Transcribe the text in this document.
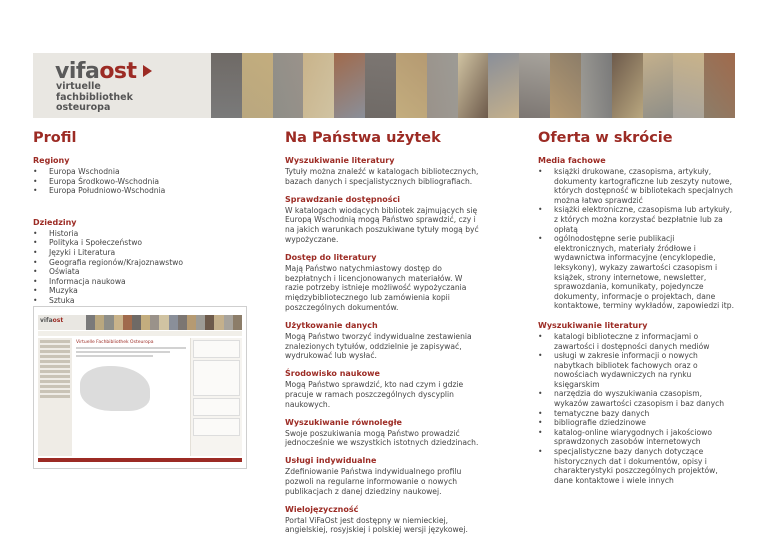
vifaost
virtuelle
fachbibliothek
osteuropa
Profil
Regiony
• Europa Wschodnia
• Europa Środkowo-Wschodnia
• Europa Południowo-Wschodnia
Dziedziny
• Historia
• Polityka i Społeczeństwo
• Języki i Literatura
• Geografia regionów/Krajoznawstwo
• Oświata
• Informacja naukowa
• Muzyka
• Sztuka
vifaost
Virtuelle Fachbibliothek Osteuropa
Na Państwa użytek
Wyszukiwanie literatury

Tytuły można znaleźć w katalogach bibliotecznych, bazach danych i specjalistycznych bibliografiach.

Sprawdzanie dostępności

W katalogach wiodących bibliotek zajmujących się Europą Wschodnią mogą Państwo sprawdzić, czy i na jakich warunkach poszukiwane tytuły mogą być wypożyczane.

Dostęp do literatury

Mają Państwo natychmiastowy dostęp do bezpłatnych i licencjonowanych materiałów. W razie potrzeby istnieje możliwość wypożyczania międzybibliotecznego lub zamówienia kopii poszczególnych dokumentów.

Użytkowanie danych

Mogą Państwo tworzyć indywidualne zestawienia znalezionych tytułów, oddzielnie je zapisywać, wydrukować lub wysłać.

Środowisko naukowe

Mogą Państwo sprawdzić, kto nad czym i gdzie pracuje w ramach poszczególnych dyscyplin naukowych.

Wyszukiwanie równoległe

Swoje poszukiwania mogą Państwo prowadzić jednocześnie we wszystkich istotnych dziedzinach.

Usługi indywidualne

Zdefiniowanie Państwa indywidualnego profilu pozwoli na regularne informowanie o nowych publikacjach z danej dziedziny naukowej.

Wielojęzyczność

Portal ViFaOst jest dostępny w niemieckiej, angielskiej, rosyjskiej i polskiej wersji językowej.

Oferta w skrócie
Media fachowe
• książki drukowane, czasopisma, artykuły, dokumenty kartograficzne lub zeszyty nutowe, których dostępność w bibliotekach specjalnych można łatwo sprawdzić
• książki elektroniczne, czasopisma lub artykuły, z których można korzystać bezpłatnie lub za opłatą
• ogólnodostępne serie publikacji elektronicznych, materiały źródłowe i wydawnictwa informacyjne (encyklopedie, leksykony), wykazy zawartości czasopism i książek, strony internetowe, newsletter, sprawozdania, komunikaty, pojedyncze dokumenty, informacje o projektach, dane kontaktowe, terminy wykładów, zapowiedzi itp.
Wyszukiwanie literatury
• katalogi biblioteczne z informacjami o zawartości i dostępności danych mediów
• usługi w zakresie informacji o nowych nabytkach bibliotek fachowych oraz o nowościach wydawniczych na rynku księgarskim
• narzędzia do wyszukiwania czasopism, wykazów zawartości czasopism i baz danych
• tematyczne bazy danych
• bibliografie dziedzinowe
• katalog-online wiarygodnych i jakościowo sprawdzonych zasobów internetowych
• specjalistyczne bazy danych dotyczące historycznych dat i dokumentów, opisy i charakterystyki poszczególnych projektów, dane kontaktowe i wiele innych
